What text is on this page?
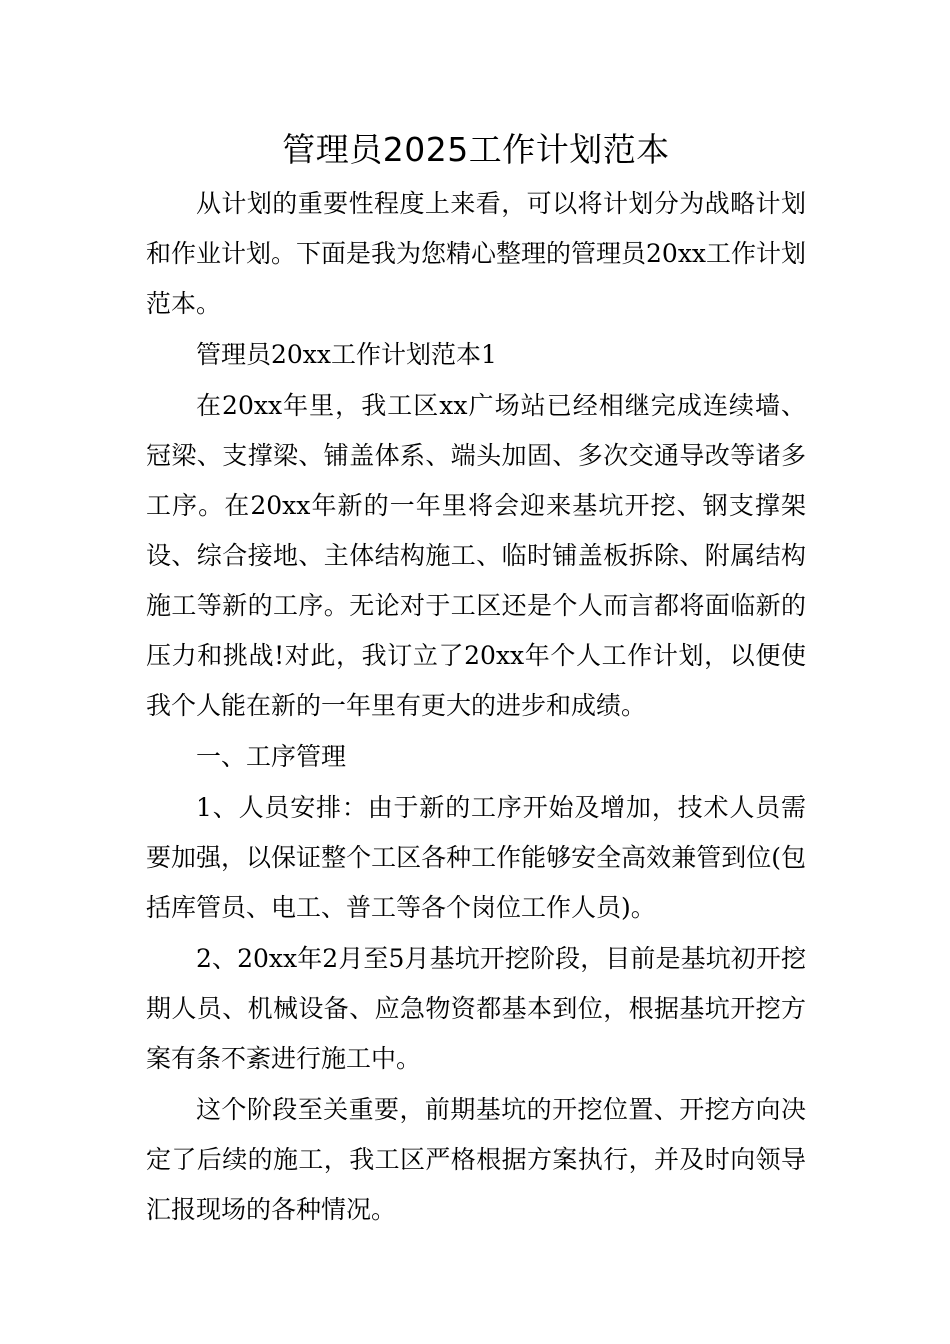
管理员2025工作计划范本

从计划的重要性程度上来看，可以将计划分为战略计划和作业计划。下面是我为您精心整理的管理员20xx工作计划范本。

管理员20xx工作计划范本1

在20xx年里，我工区xx广场站已经相继完成连续墙、冠梁、支撑梁、铺盖体系、端头加固、多次交通导改等诸多工序。在20xx年新的一年里将会迎来基坑开挖、钢支撑架设、综合接地、主体结构施工、临时铺盖板拆除、附属结构施工等新的工序。无论对于工区还是个人而言都将面临新的压力和挑战!对此，我订立了20xx年个人工作计划，以便使我个人能在新的一年里有更大的进步和成绩。

一、工序管理

1、人员安排：由于新的工序开始及增加，技术人员需要加强，以保证整个工区各种工作能够安全高效兼管到位(包括库管员、电工、普工等各个岗位工作人员)。

2、20xx年2月至5月基坑开挖阶段，目前是基坑初开挖期人员、机械设备、应急物资都基本到位，根据基坑开挖方案有条不紊进行施工中。

这个阶段至关重要，前期基坑的开挖位置、开挖方向决定了后续的施工，我工区严格根据方案执行，并及时向领导汇报现场的各种情况。
